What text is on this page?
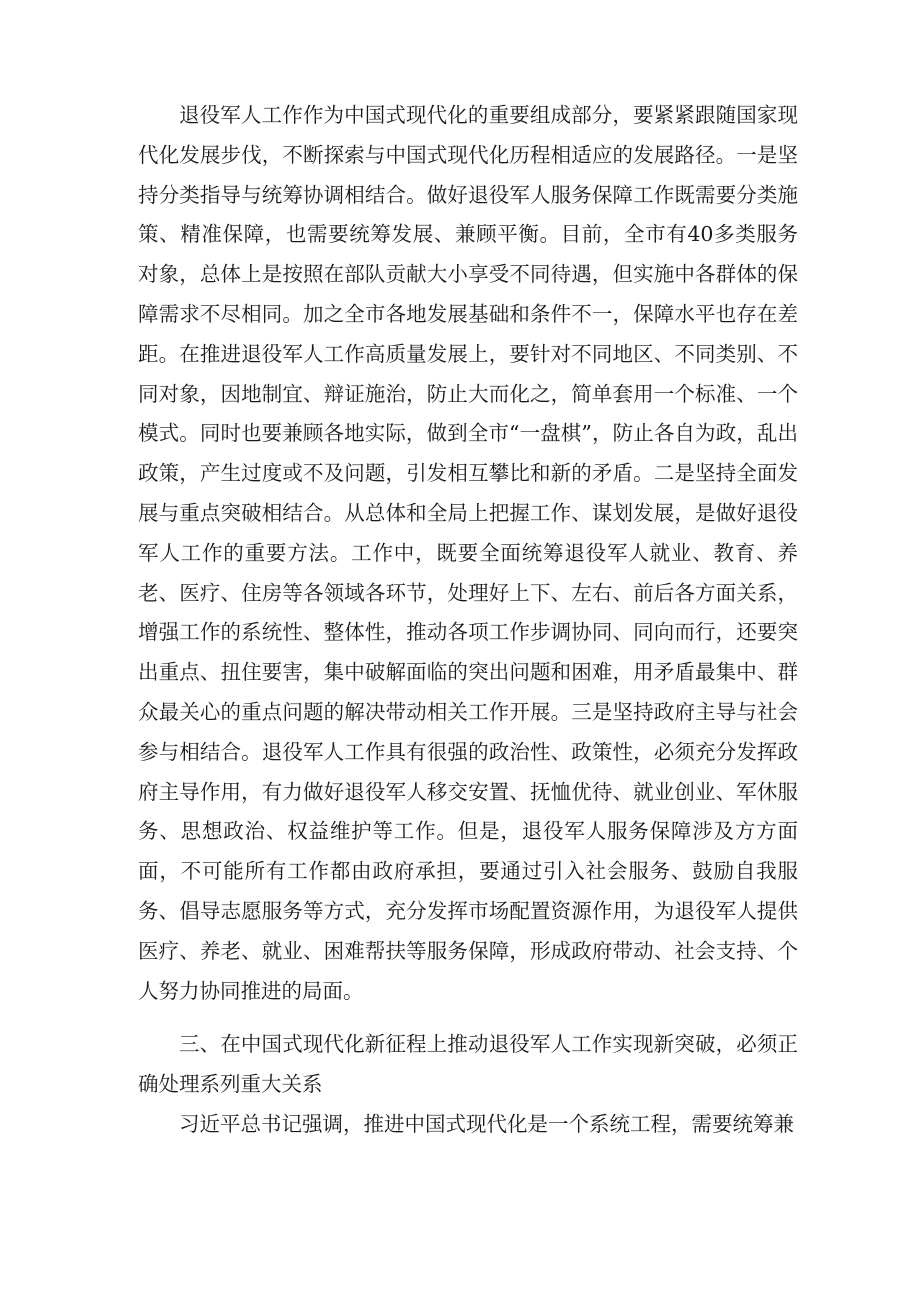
退役军人工作作为中国式现代化的重要组成部分，要紧紧跟随国家现代化发展步伐，不断探索与中国式现代化历程相适应的发展路径。一是坚持分类指导与统筹协调相结合。做好退役军人服务保障工作既需要分类施策、精准保障，也需要统筹发展、兼顾平衡。目前，全市有40多类服务对象，总体上是按照在部队贡献大小享受不同待遇，但实施中各群体的保障需求不尽相同。加之全市各地发展基础和条件不一，保障水平也存在差距。在推进退役军人工作高质量发展上，要针对不同地区、不同类别、不同对象，因地制宜、辩证施治，防止大而化之，简单套用一个标准、一个模式。同时也要兼顾各地实际，做到全市“一盘棋”，防止各自为政，乱出政策，产生过度或不及问题，引发相互攀比和新的矛盾。二是坚持全面发展与重点突破相结合。从总体和全局上把握工作、谋划发展，是做好退役军人工作的重要方法。工作中，既要全面统筹退役军人就业、教育、养老、医疗、住房等各领域各环节，处理好上下、左右、前后各方面关系，增强工作的系统性、整体性，推动各项工作步调协同、同向而行，还要突出重点、扭住要害，集中破解面临的突出问题和困难，用矛盾最集中、群众最关心的重点问题的解决带动相关工作开展。三是坚持政府主导与社会参与相结合。退役军人工作具有很强的政治性、政策性，必须充分发挥政府主导作用，有力做好退役军人移交安置、抚恤优待、就业创业、军休服务、思想政治、权益维护等工作。但是，退役军人服务保障涉及方方面面，不可能所有工作都由政府承担，要通过引入社会服务、鼓励自我服务、倡导志愿服务等方式，充分发挥市场配置资源作用，为退役军人提供医疗、养老、就业、困难帮扶等服务保障，形成政府带动、社会支持、个人努力协同推进的局面。

三、在中国式现代化新征程上推动退役军人工作实现新突破，必须正确处理系列重大关系

习近平总书记强调，推进中国式现代化是一个系统工程，需要统筹兼
